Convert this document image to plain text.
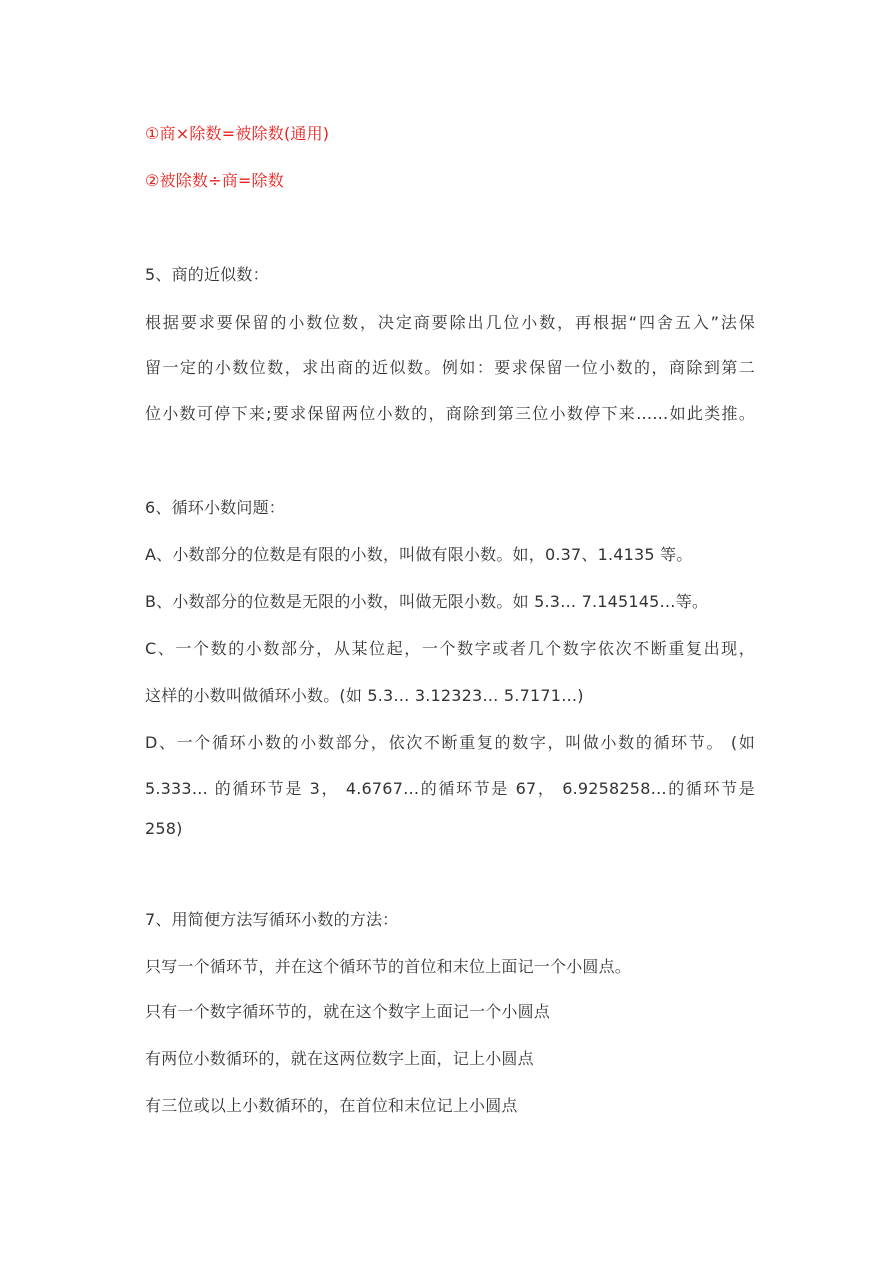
①商×除数=被除数(通用)
②被除数÷商=除数
5、商的近似数：
根据要求要保留的小数位数，决定商要除出几位小数，再根据“四舍五入”法保
留一定的小数位数，求出商的近似数。例如：要求保留一位小数的，商除到第二
位小数可停下来;要求保留两位小数的，商除到第三位小数停下来……如此类推。
6、循环小数问题：
A、小数部分的位数是有限的小数，叫做有限小数。如，0.37、1.4135 等。
B、小数部分的位数是无限的小数，叫做无限小数。如 5.3… 7.145145…等。
C、一个数的小数部分，从某位起，一个数字或者几个数字依次不断重复出现，
这样的小数叫做循环小数。(如 5.3… 3.12323… 5.7171…)
D、一个循环小数的小数部分，依次不断重复的数字，叫做小数的循环节。 (如
5.333… 的循环节是 3， 4.6767…的循环节是 67， 6.9258258…的循环节是
258)
7、用简便方法写循环小数的方法：
只写一个循环节，并在这个循环节的首位和末位上面记一个小圆点。
只有一个数字循环节的，就在这个数字上面记一个小圆点
有两位小数循环的，就在这两位数字上面，记上小圆点
有三位或以上小数循环的，在首位和末位记上小圆点
